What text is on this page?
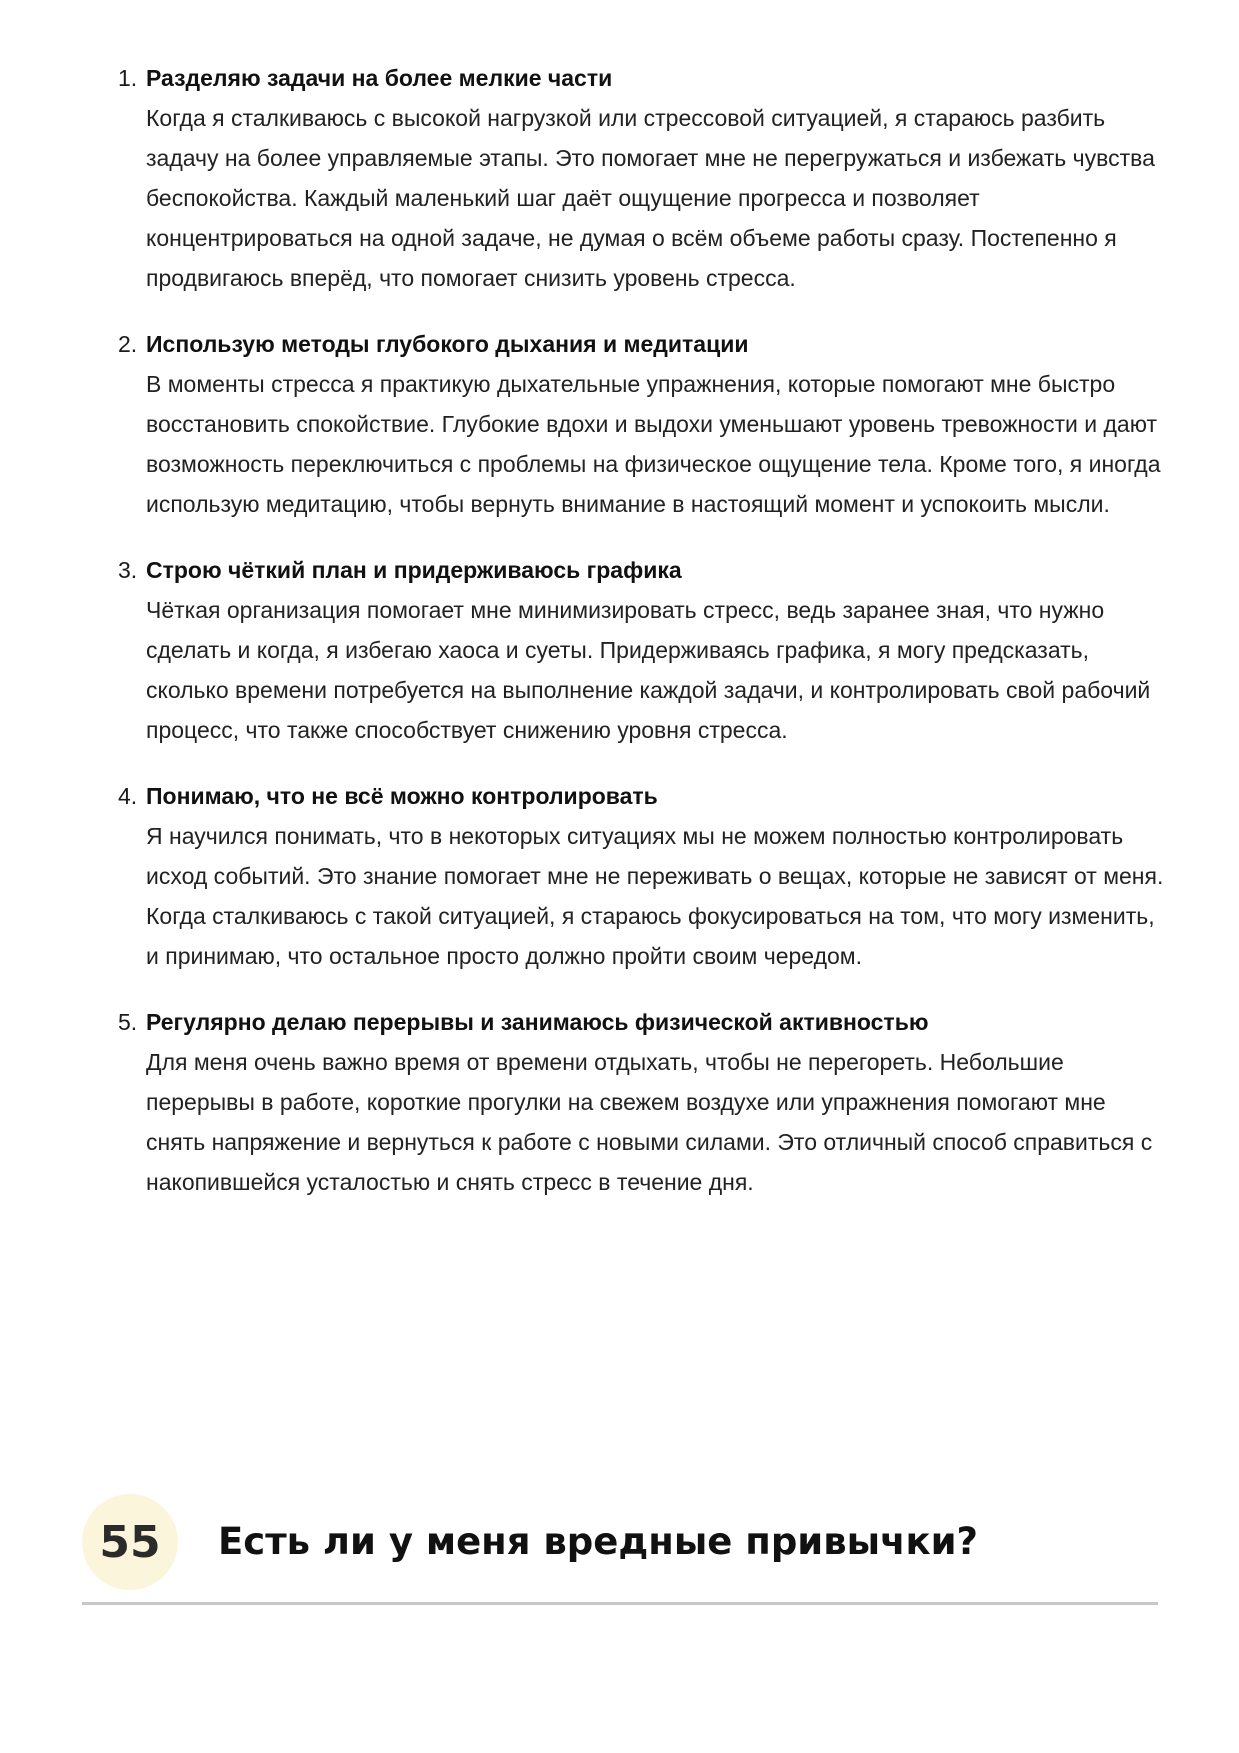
1. Разделяю задачи на более мелкие части

Когда я сталкиваюсь с высокой нагрузкой или стрессовой ситуацией, я стараюсь разбить задачу на более управляемые этапы. Это помогает мне не перегружаться и избежать чувства беспокойства. Каждый маленький шаг даёт ощущение прогресса и позволяет концентрироваться на одной задаче, не думая о всём объеме работы сразу. Постепенно я продвигаюсь вперёд, что помогает снизить уровень стресса.

2. Использую методы глубокого дыхания и медитации

В моменты стресса я практикую дыхательные упражнения, которые помогают мне быстро восстановить спокойствие. Глубокие вдохи и выдохи уменьшают уровень тревожности и дают возможность переключиться с проблемы на физическое ощущение тела. Кроме того, я иногда использую медитацию, чтобы вернуть внимание в настоящий момент и успокоить мысли.

3. Строю чёткий план и придерживаюсь графика

Чёткая организация помогает мне минимизировать стресс, ведь заранее зная, что нужно сделать и когда, я избегаю хаоса и суеты. Придерживаясь графика, я могу предсказать, сколько времени потребуется на выполнение каждой задачи, и контролировать свой рабочий процесс, что также способствует снижению уровня стресса.

4. Понимаю, что не всё можно контролировать

Я научился понимать, что в некоторых ситуациях мы не можем полностью контролировать исход событий. Это знание помогает мне не переживать о вещах, которые не зависят от меня. Когда сталкиваюсь с такой ситуацией, я стараюсь фокусироваться на том, что могу изменить, и принимаю, что остальное просто должно пройти своим чередом.

5. Регулярно делаю перерывы и занимаюсь физической активностью

Для меня очень важно время от времени отдыхать, чтобы не перегореть. Небольшие перерывы в работе, короткие прогулки на свежем воздухе или упражнения помогают мне снять напряжение и вернуться к работе с новыми силами. Это отличный способ справиться с накопившейся усталостью и снять стресс в течение дня.

55	Есть ли у меня вредные привычки?
